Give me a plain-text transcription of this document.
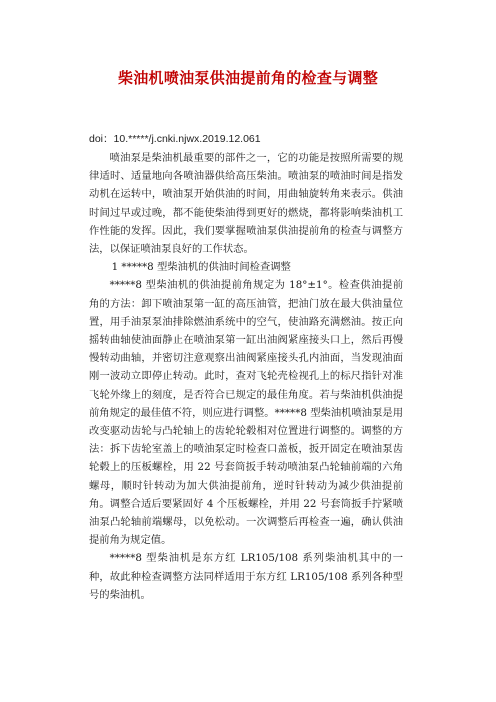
柴油机喷油泵供油提前角的检查与调整
doi：10.*****/j.cnki.njwx.2019.12.061

喷油泵是柴油机最重要的部件之一，它的功能是按照所需要的规律适时、适量地向各喷油器供给高压柴油。喷油泵的喷油时间是指发动机在运转中，喷油泵开始供油的时间，用曲轴旋转角来表示。供油时间过早或过晚，都不能使柴油得到更好的燃烧，都将影响柴油机工作性能的发挥。因此，我们要掌握喷油泵供油提前角的检查与调整方法，以保证喷油泵良好的工作状态。

1 *****8 型柴油机的供油时间检查调整

*****8 型柴油机的供油提前角规定为 18°±1°。检查供油提前角的方法：卸下喷油泵第一缸的高压油管，把油门放在最大供油量位置，用手油泵泵油排除燃油系统中的空气，使油路充满燃油。按正向摇转曲轴使油面静止在喷油泵第一缸出油阀紧座接头口上，然后再慢慢转动曲轴，并密切注意观察出油阀紧座接头孔内油面，当发现油面刚一波动立即停止转动。此时，查对飞轮壳检视孔上的标尺指针对准飞轮外缘上的刻度，是否符合已规定的最佳角度。若与柴油机供油提前角规定的最佳值不符，则应进行调整。*****8 型柴油机喷油泵是用改变驱动齿轮与凸轮轴上的齿轮轮毂相对位置进行调整的。调整的方法：拆下齿轮室盖上的喷油泵定时检查口盖板，扳开固定在喷油泵齿轮毂上的压板螺栓，用 22 号套筒扳手转动喷油泵凸轮轴前端的六角螺母，顺时针转动为加大供油提前角，逆时针转动为减少供油提前角。调整合适后要紧固好 4 个压板螺栓，并用 22 号套筒扳手拧紧喷油泵凸轮轴前端螺母，以免松动。一次调整后再检查一遍，确认供油提前角为规定值。

*****8 型柴油机是东方红 LR105/108 系列柴油机其中的一种，故此种检查调整方法同样适用于东方红 LR105/108 系列各种型号的柴油机。
